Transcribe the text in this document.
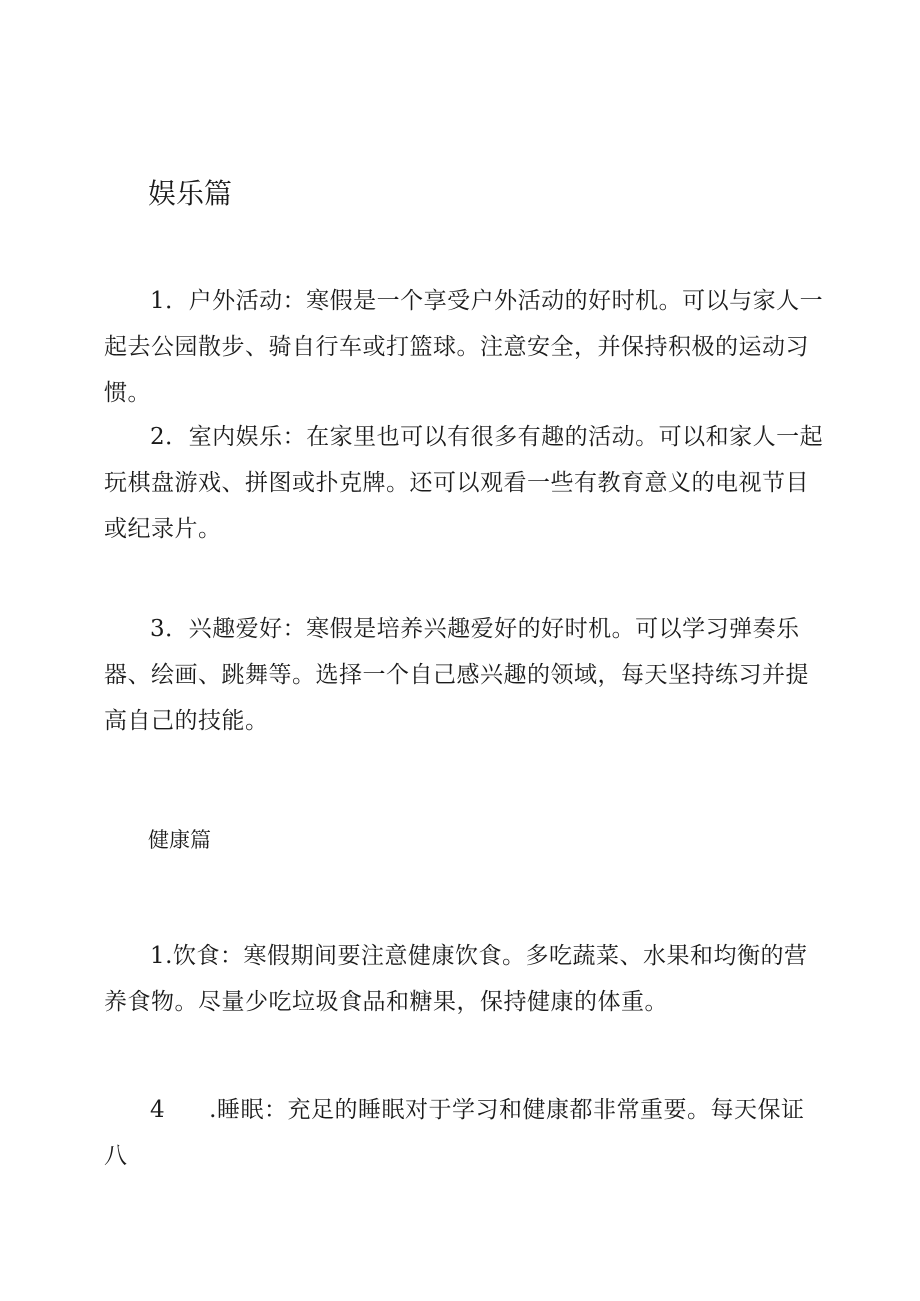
娱乐篇

1．户外活动：寒假是一个享受户外活动的好时机。可以与家人一起去公园散步、骑自行车或打篮球。注意安全，并保持积极的运动习惯。

2．室内娱乐：在家里也可以有很多有趣的活动。可以和家人一起玩棋盘游戏、拼图或扑克牌。还可以观看一些有教育意义的电视节目或纪录片。

3．兴趣爱好：寒假是培养兴趣爱好的好时机。可以学习弹奏乐器、绘画、跳舞等。选择一个自己感兴趣的领域，每天坚持练习并提高自己的技能。

健康篇

1.饮食：寒假期间要注意健康饮食。多吃蔬菜、水果和均衡的营养食物。尽量少吃垃圾食品和糖果，保持健康的体重。

4 .睡眠：充足的睡眠对于学习和健康都非常重要。每天保证八
